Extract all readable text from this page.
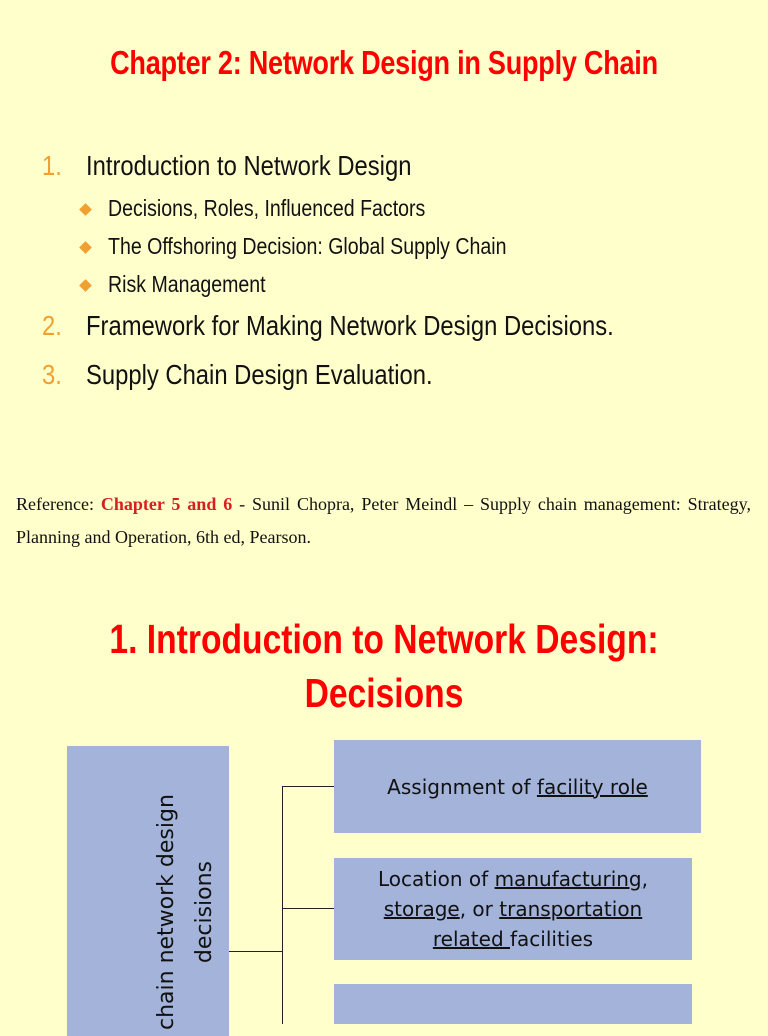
Chapter 2: Network Design in Supply Chain
1. Introduction to Network Design
Decisions, Roles, Influenced Factors
The Offshoring Decision: Global Supply Chain
Risk Management
2. Framework for Making Network Design Decisions.
3. Supply Chain Design Evaluation.
Reference: Chapter 5 and 6 - Sunil Chopra, Peter Meindl – Supply chain management: Strategy, Planning and Operation, 6th ed, Pearson.
1. Introduction to Network Design:
Decisions
chain network design decisions
Assignment of facility role
Location of manufacturing,
storage, or transportation
related facilities
